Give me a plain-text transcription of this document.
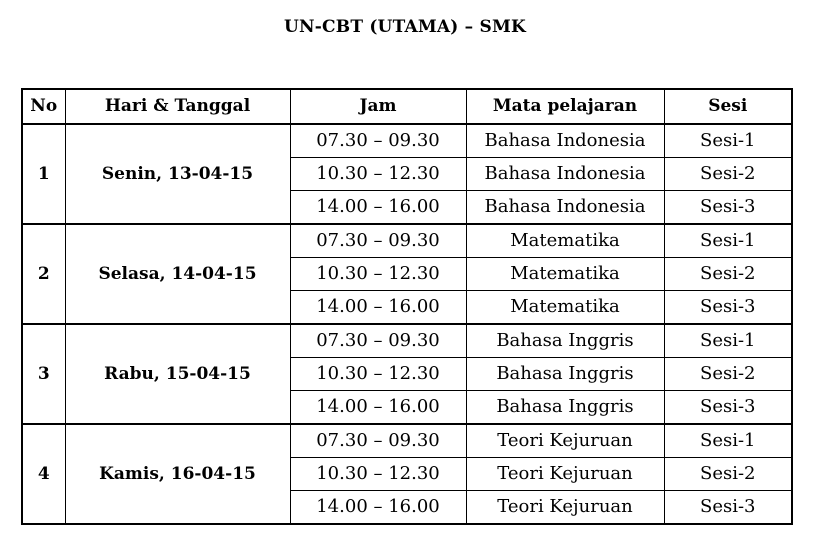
UN-CBT (UTAMA) – SMK
No	Hari & Tanggal	Jam	Mata pelajaran	Sesi
1	Senin, 13-04-15	07.30 – 09.30	Bahasa Indonesia	Sesi-1
		10.30 – 12.30	Bahasa Indonesia	Sesi-2
		14.00 – 16.00	Bahasa Indonesia	Sesi-3
2	Selasa, 14-04-15	07.30 – 09.30	Matematika	Sesi-1
		10.30 – 12.30	Matematika	Sesi-2
		14.00 – 16.00	Matematika	Sesi-3
3	Rabu, 15-04-15	07.30 – 09.30	Bahasa Inggris	Sesi-1
		10.30 – 12.30	Bahasa Inggris	Sesi-2
		14.00 – 16.00	Bahasa Inggris	Sesi-3
4	Kamis, 16-04-15	07.30 – 09.30	Teori Kejuruan	Sesi-1
		10.30 – 12.30	Teori Kejuruan	Sesi-2
		14.00 – 16.00	Teori Kejuruan	Sesi-3
